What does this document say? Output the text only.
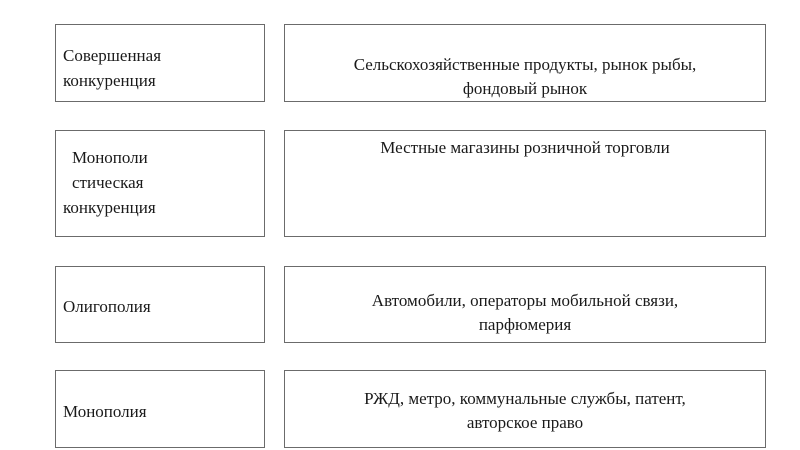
Совершенная
конкуренция
Сельскохозяйственные продукты, рынок рыбы,
фондовый рынок
Монополи
стическая
конкуренция
Местные магазины розничной торговли
Олигополия	Автомобили, операторы мобильной связи,
парфюмерия
Монополия
РЖД, метро, коммунальные службы, патент,
авторское право
